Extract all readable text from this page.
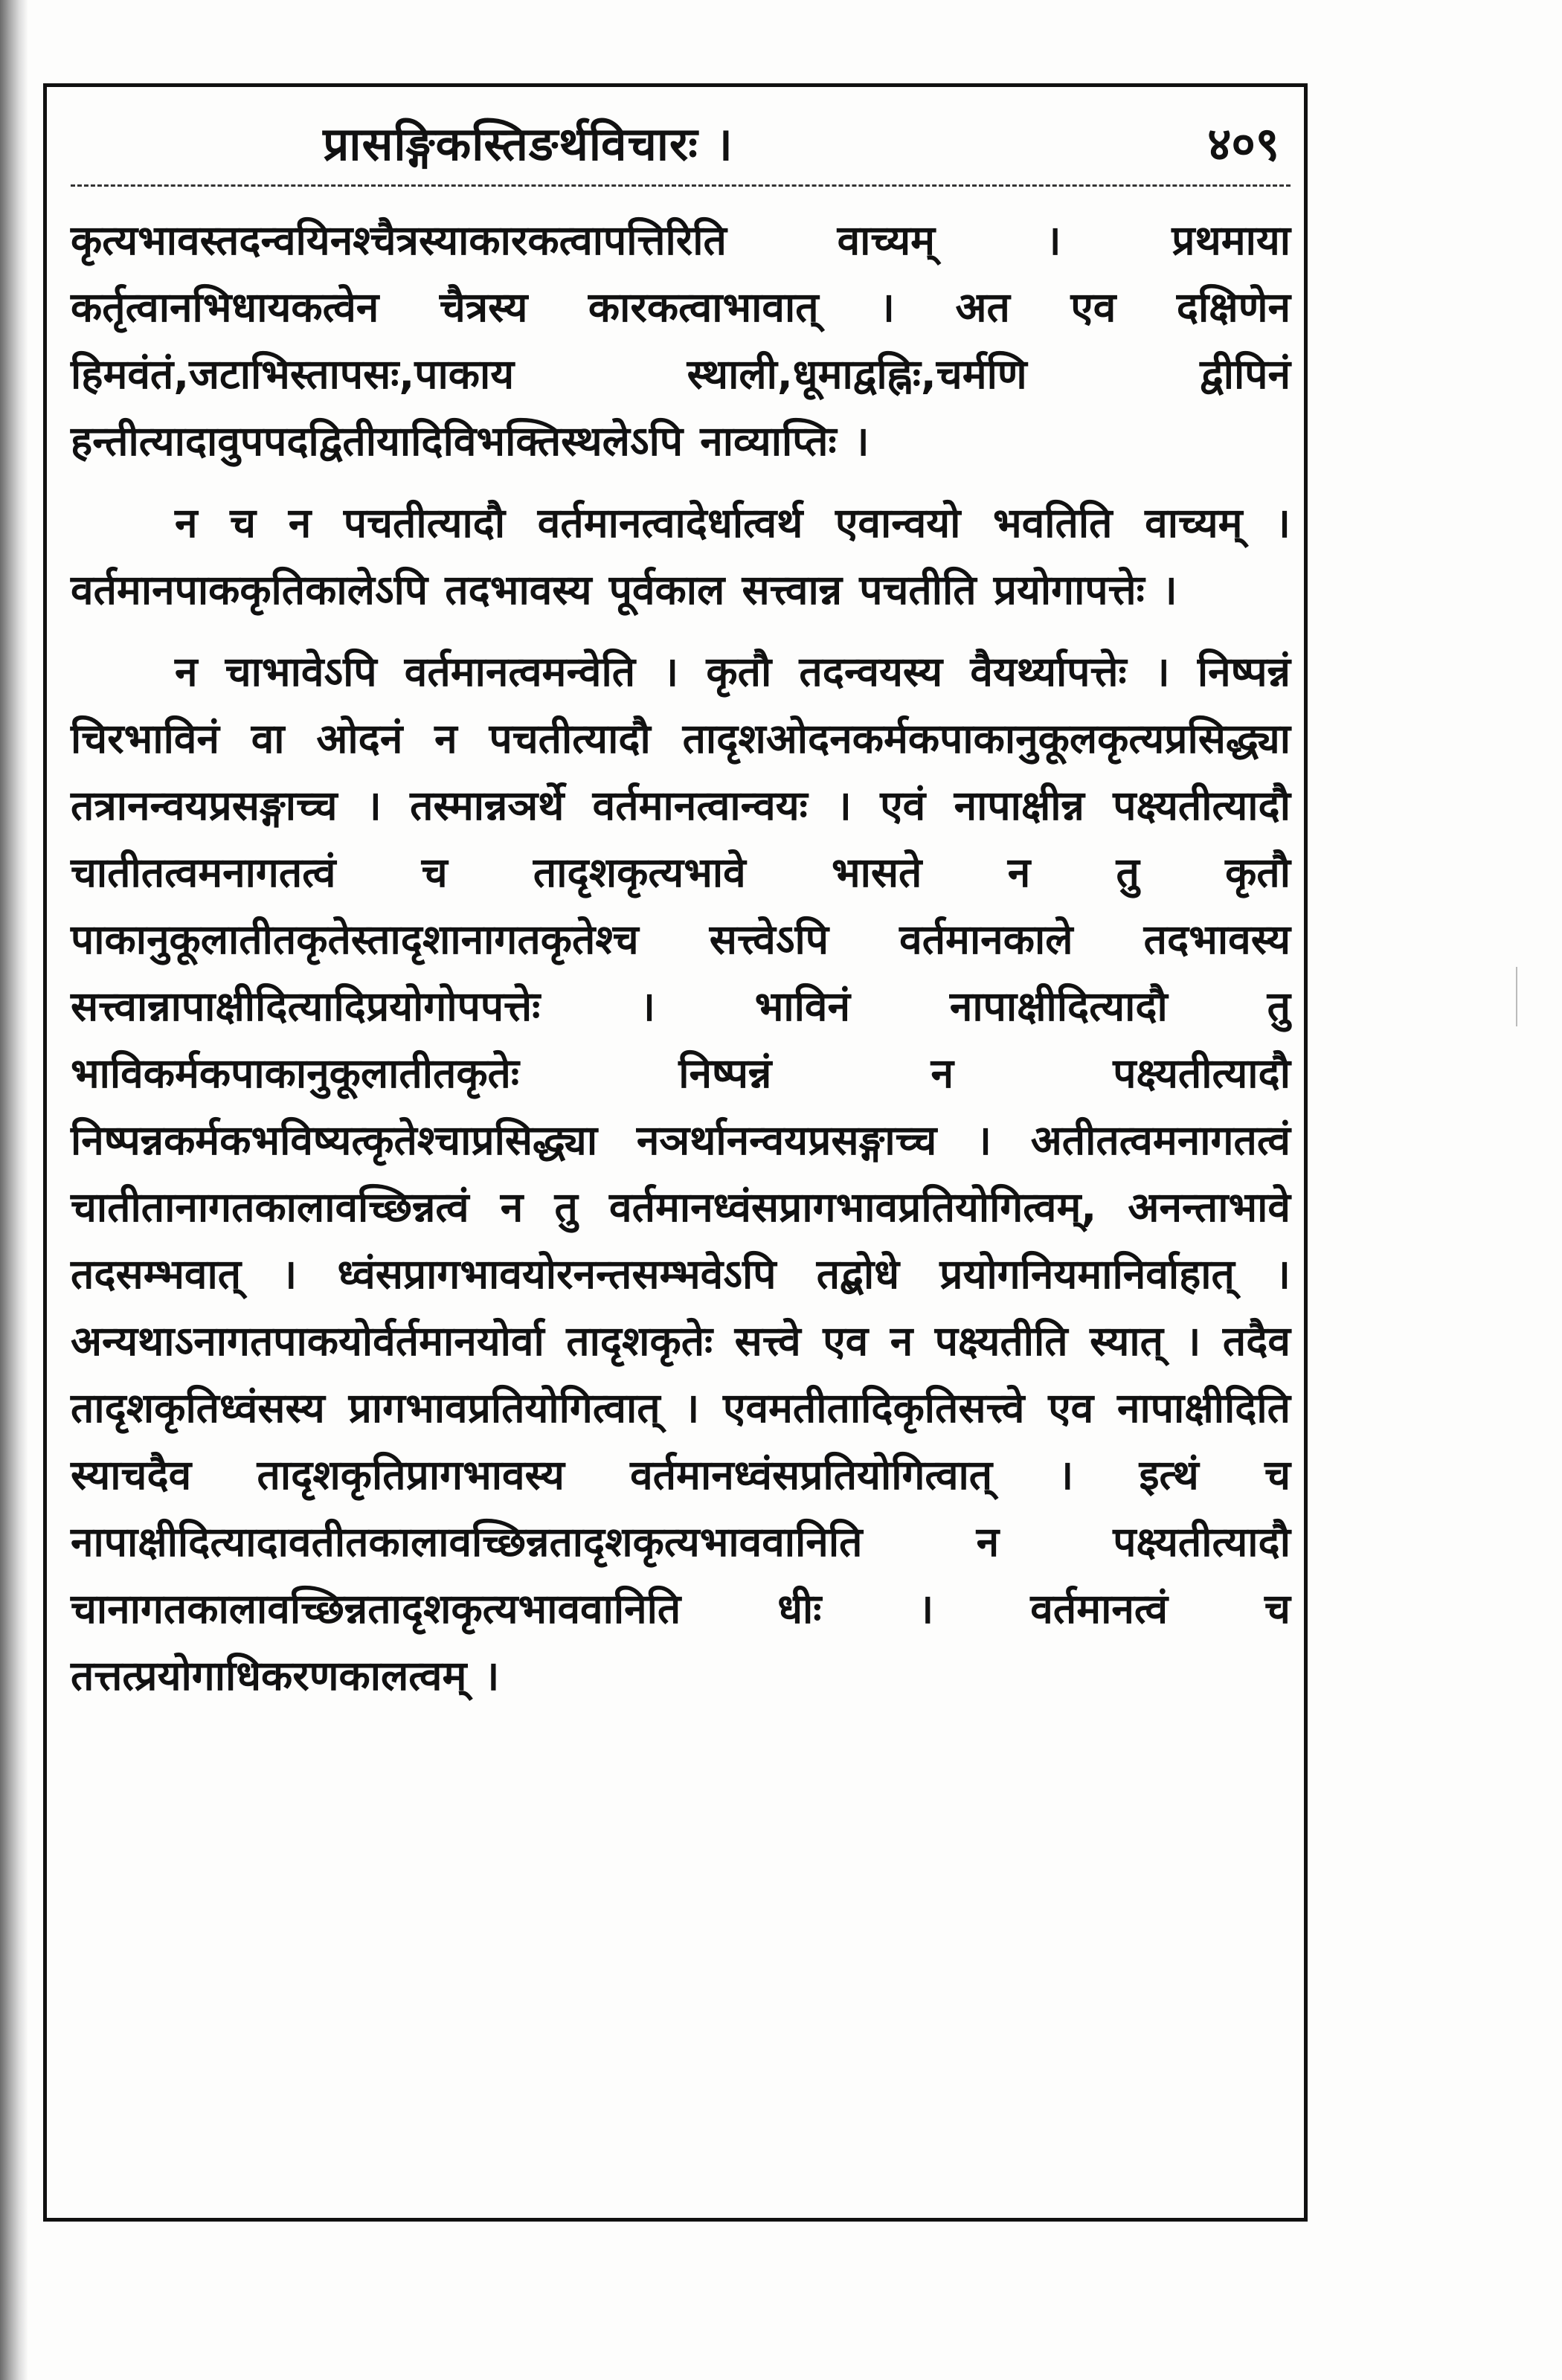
प्रासङ्गिकस्तिङर्थविचारः ।	४०९

कृत्यभावस्तदन्वयिनश्चैत्रस्याकारकत्वापत्तिरिति वाच्यम् । प्रथमाया कर्तृत्वानभिधायकत्वेन चैत्रस्य कारकत्वाभावात् । अत एव दक्षिणेन हिमवंतं,जटाभिस्तापसः,पाकाय स्थाली,धूमाद्वह्निः,चर्मणि द्वीपिनं हन्तीत्यादावुपपदद्वितीयादिविभक्तिस्थलेऽपि नाव्याप्तिः ।

न च न पचतीत्यादौ वर्तमानत्वादेर्धात्वर्थ एवान्वयो भवतिति वाच्यम् । वर्तमानपाककृतिकालेऽपि तदभावस्य पूर्वकाल सत्त्वान्न पचतीति प्रयोगापत्तेः ।

न चाभावेऽपि वर्तमानत्वमन्वेति । कृतौ तदन्वयस्य वैयर्थ्यापत्तेः । निष्पन्नं चिरभाविनं वा ओदनं न पचतीत्यादौ तादृशओदनकर्मकपाकानुकूलकृत्यप्रसिद्ध्या तत्रानन्वयप्रसङ्गाच्च । तस्मान्नञर्थे वर्तमानत्वान्वयः । एवं नापाक्षीन्न पक्ष्यतीत्यादौ चातीतत्वमनागतत्वं च तादृशकृत्यभावे भासते न तु कृतौ पाकानुकूलातीतकृतेस्तादृशानागतकृतेश्च सत्त्वेऽपि वर्तमानकाले तदभावस्य सत्त्वान्नापाक्षीदित्यादिप्रयोगोपपत्तेः । भाविनं नापाक्षीदित्यादौ तु भाविकर्मकपाकानुकूलातीतकृतेः निष्पन्नं न पक्ष्यतीत्यादौ निष्पन्नकर्मकभविष्यत्कृतेश्चाप्रसिद्ध्या नञर्थानन्वयप्रसङ्गाच्च । अतीतत्वमनागतत्वं चातीतानागतकालावच्छिन्नत्वं न तु वर्तमानध्वंसप्रागभावप्रतियोगित्वम्, अनन्ताभावे तदसम्भवात् । ध्वंसप्रागभावयोरनन्तसम्भवेऽपि तद्बोधे प्रयोगनियमानिर्वाहात् । अन्यथाऽनागतपाकयोर्वर्तमानयोर्वा तादृशकृतेः सत्त्वे एव न पक्ष्यतीति स्यात् । तदैव तादृशकृतिध्वंसस्य प्रागभावप्रतियोगित्वात् । एवमतीतादिकृतिसत्त्वे एव नापाक्षीदिति स्याचदैव तादृशकृतिप्रागभावस्य वर्तमानध्वंसप्रतियोगित्वात् । इत्थं च नापाक्षीदित्यादावतीतकालावच्छिन्नतादृशकृत्यभाववानिति न पक्ष्यतीत्यादौ चानागतकालावच्छिन्नतादृशकृत्यभाववानिति धीः । वर्तमानत्वं च तत्तत्प्रयोगाधिकरणकालत्वम् ।
